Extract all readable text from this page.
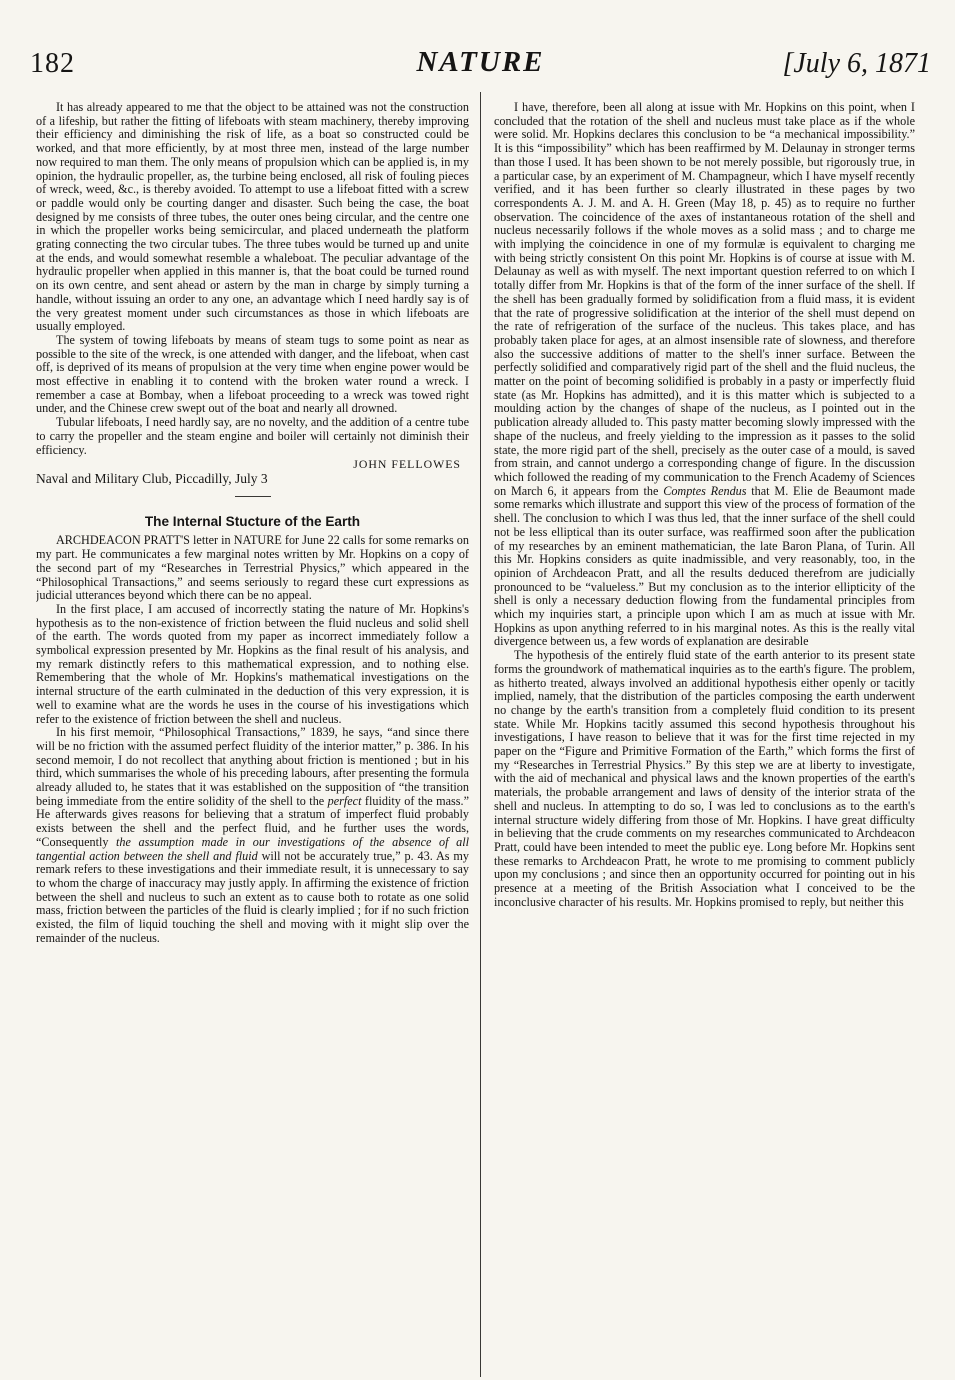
182	NATURE	[July 6, 1871

It has already appeared to me that the object to be attained was not the construction of a lifeship, but rather the fitting of lifeboats with steam machinery, thereby improving their efficiency and diminishing the risk of life, as a boat so constructed could be worked, and that more efficiently, by at most three men, instead of the large number now required to man them. The only means of propulsion which can be applied is, in my opinion, the hydraulic propeller, as, the turbine being enclosed, all risk of fouling pieces of wreck, weed, &c., is thereby avoided. To attempt to use a lifeboat fitted with a screw or paddle would only be courting danger and disaster. Such being the case, the boat designed by me consists of three tubes, the outer ones being circular, and the centre one in which the propeller works being semicircular, and placed underneath the platform grating connecting the two circular tubes. The three tubes would be turned up and unite at the ends, and would somewhat resemble a whaleboat. The peculiar advantage of the hydraulic propeller when applied in this manner is, that the boat could be turned round on its own centre, and sent ahead or astern by the man in charge by simply turning a handle, without issuing an order to any one, an advantage which I need hardly say is of the very greatest moment under such circumstances as those in which lifeboats are usually employed.

The system of towing lifeboats by means of steam tugs to some point as near as possible to the site of the wreck, is one attended with danger, and the lifeboat, when cast off, is deprived of its means of propulsion at the very time when engine power would be most effective in enabling it to contend with the broken water round a wreck. I remember a case at Bombay, when a lifeboat proceeding to a wreck was towed right under, and the Chinese crew swept out of the boat and nearly all drowned.

Tubular lifeboats, I need hardly say, are no novelty, and the addition of a centre tube to carry the propeller and the steam engine and boiler will certainly not diminish their efficiency.

JOHN FELLOWES

Naval and Military Club, Piccadilly, July 3

The Internal Stucture of the Earth

ARCHDEACON PRATT'S letter in NATURE for June 22 calls for some remarks on my part. He communicates a few marginal notes written by Mr. Hopkins on a copy of the second part of my “Researches in Terrestrial Physics,” which appeared in the “Philosophical Transactions,” and seems seriously to regard these curt expressions as judicial utterances beyond which there can be no appeal.

In the first place, I am accused of incorrectly stating the nature of Mr. Hopkins's hypothesis as to the non-existence of friction between the fluid nucleus and solid shell of the earth. The words quoted from my paper as incorrect immediately follow a symbolical expression presented by Mr. Hopkins as the final result of his analysis, and my remark distinctly refers to this mathematical expression, and to nothing else. Remembering that the whole of Mr. Hopkins's mathematical investigations on the internal structure of the earth culminated in the deduction of this very expression, it is well to examine what are the words he uses in the course of his investigations which refer to the existence of friction between the shell and nucleus.

In his first memoir, “Philosophical Transactions,” 1839, he says, “and since there will be no friction with the assumed perfect fluidity of the interior matter,” p. 386. In his second memoir, I do not recollect that anything about friction is mentioned ; but in his third, which summarises the whole of his preceding labours, after presenting the formula already alluded to, he states that it was established on the supposition of “the transition being immediate from the entire solidity of the shell to the perfect fluidity of the mass.” He afterwards gives reasons for believing that a stratum of imperfect fluid probably exists between the shell and the perfect fluid, and he further uses the words, “Consequently the assumption made in our investigations of the absence of all tangential action between the shell and fluid will not be accurately true,” p. 43. As my remark refers to these investigations and their immediate result, it is unnecessary to say to whom the charge of inaccuracy may justly apply. In affirming the existence of friction between the shell and nucleus to such an extent as to cause both to rotate as one solid mass, friction between the particles of the fluid is clearly implied ; for if no such friction existed, the film of liquid touching the shell and moving with it might slip over the remainder of the nucleus.

I have, therefore, been all along at issue with Mr. Hopkins on this point, when I concluded that the rotation of the shell and nucleus must take place as if the whole were solid. Mr. Hopkins declares this conclusion to be “a mechanical impossibility.” It is this “impossibility” which has been reaffirmed by M. Delaunay in stronger terms than those I used. It has been shown to be not merely possible, but rigorously true, in a particular case, by an experiment of M. Champagneur, which I have myself recently verified, and it has been further so clearly illustrated in these pages by two correspondents A. J. M. and A. H. Green (May 18, p. 45) as to require no further observation. The coincidence of the axes of instantaneous rotation of the shell and nucleus necessarily follows if the whole moves as a solid mass ; and to charge me with implying the coincidence in one of my formulæ is equivalent to charging me with being strictly consistent On this point Mr. Hopkins is of course at issue with M. Delaunay as well as with myself. The next important question referred to on which I totally differ from Mr. Hopkins is that of the form of the inner surface of the shell. If the shell has been gradually formed by solidification from a fluid mass, it is evident that the rate of progressive solidification at the interior of the shell must depend on the rate of refrigeration of the surface of the nucleus. This takes place, and has probably taken place for ages, at an almost insensible rate of slowness, and therefore also the successive additions of matter to the shell's inner surface. Between the perfectly solidified and comparatively rigid part of the shell and the fluid nucleus, the matter on the point of becoming solidified is probably in a pasty or imperfectly fluid state (as Mr. Hopkins has admitted), and it is this matter which is subjected to a moulding action by the changes of shape of the nucleus, as I pointed out in the publication already alluded to. This pasty matter becoming slowly impressed with the shape of the nucleus, and freely yielding to the impression as it passes to the solid state, the more rigid part of the shell, precisely as the outer case of a mould, is saved from strain, and cannot undergo a corresponding change of figure. In the discussion which followed the reading of my communication to the French Academy of Sciences on March 6, it appears from the Comptes Rendus that M. Elie de Beaumont made some remarks which illustrate and support this view of the process of formation of the shell. The conclusion to which I was thus led, that the inner surface of the shell could not be less elliptical than its outer surface, was reaffirmed soon after the publication of my researches by an eminent mathematician, the late Baron Plana, of Turin. All this Mr. Hopkins considers as quite inadmissible, and very reasonably, too, in the opinion of Archdeacon Pratt, and all the results deduced therefrom are judicially pronounced to be “valueless.” But my conclusion as to the interior ellipticity of the shell is only a necessary deduction flowing from the fundamental principles from which my inquiries start, a principle upon which I am as much at issue with Mr. Hopkins as upon anything referred to in his marginal notes. As this is the really vital divergence between us, a few words of explanation are desirable

The hypothesis of the entirely fluid state of the earth anterior to its present state forms the groundwork of mathematical inquiries as to the earth's figure. The problem, as hitherto treated, always involved an additional hypothesis either openly or tacitly implied, namely, that the distribution of the particles composing the earth underwent no change by the earth's transition from a completely fluid condition to its present state. While Mr. Hopkins tacitly assumed this second hypothesis throughout his investigations, I have reason to believe that it was for the first time rejected in my paper on the “Figure and Primitive Formation of the Earth,” which forms the first of my “Researches in Terrestrial Physics.” By this step we are at liberty to investigate, with the aid of mechanical and physical laws and the known properties of the earth's materials, the probable arrangement and laws of density of the interior strata of the shell and nucleus. In attempting to do so, I was led to conclusions as to the earth's internal structure widely differing from those of Mr. Hopkins. I have great difficulty in believing that the crude comments on my researches communicated to Archdeacon Pratt, could have been intended to meet the public eye. Long before Mr. Hopkins sent these remarks to Archdeacon Pratt, he wrote to me promising to comment publicly upon my conclusions ; and since then an opportunity occurred for pointing out in his presence at a meeting of the British Association what I conceived to be the inconclusive character of his results. Mr. Hopkins promised to reply, but neither this
